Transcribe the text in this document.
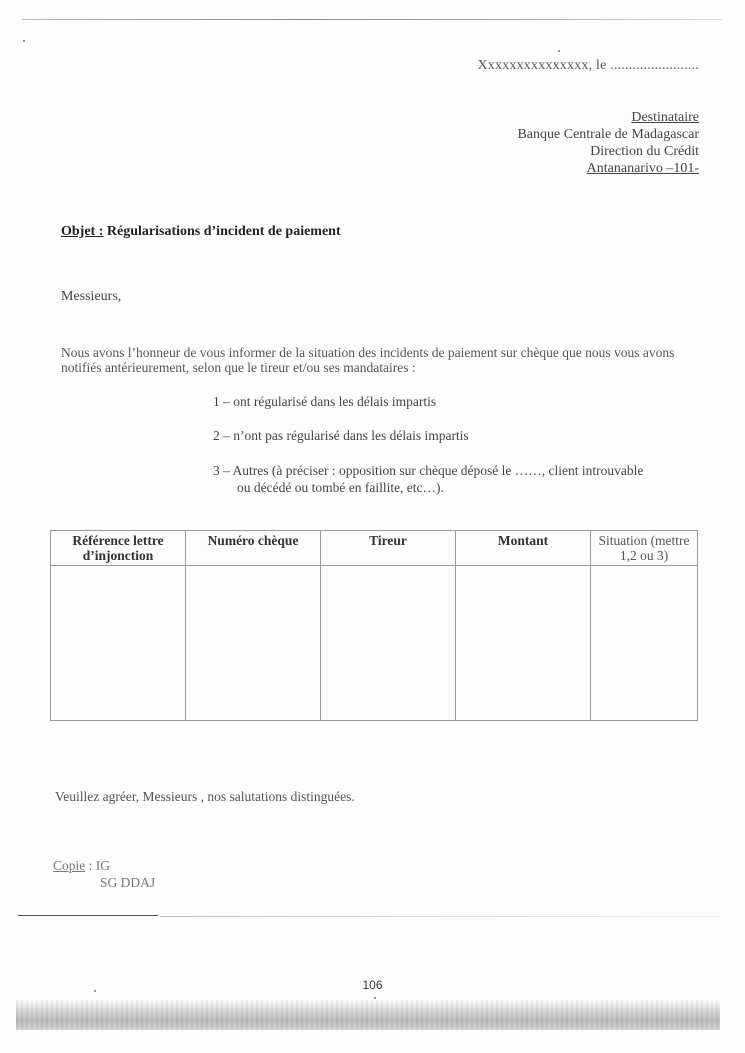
Xxxxxxxxxxxxxxx, le ........................
Destinataire
Banque Centrale de Madagascar
Direction du Crédit
Antananarivo –101-
Objet : Régularisations d’incident de paiement
Messieurs,
Nous avons l’honneur de vous informer de la situation des incidents de paiement sur chèque que nous vous avons notifiés antérieurement, selon que le tireur et/ou ses mandataires :
1 – ont régularisé dans les délais impartis
2 – n’ont pas régularisé dans les délais impartis
3 – Autres (à préciser : opposition sur chèque déposé le ……, client introuvable
ou décédé ou tombé en faillite, etc…).
Référence lettre d’injonction	Numéro chèque	Tireur	Montant	Situation (mettre 1,2 ou 3)

Veuillez agréer, Messieurs , nos salutations distinguées.
Copie : IG
SG DDAJ
106
